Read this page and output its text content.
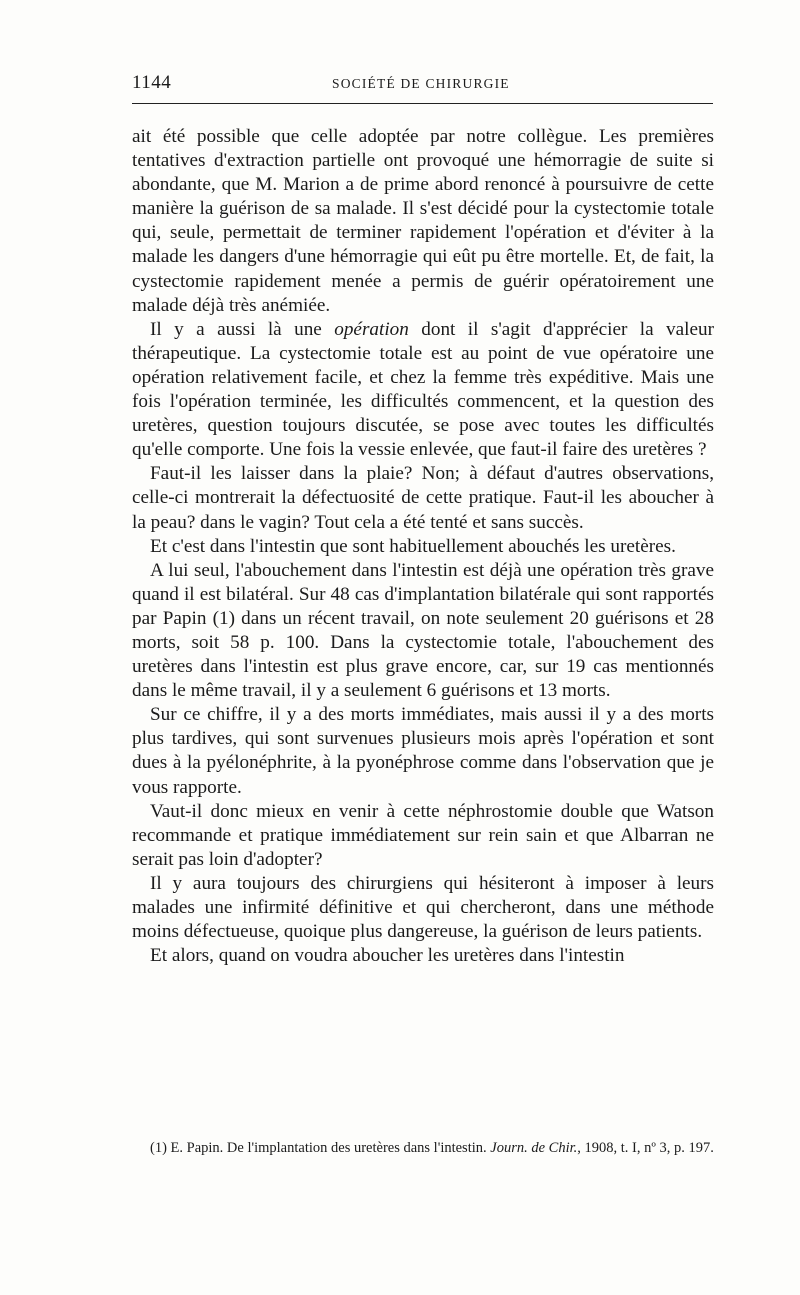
1144	SOCIÉTÉ DE CHIRURGIE

ait été possible que celle adoptée par notre collègue. Les premières tentatives d'extraction partielle ont provoqué une hémorragie de suite si abondante, que M. Marion a de prime abord renoncé à poursuivre de cette manière la guérison de sa malade. Il s'est décidé pour la cystectomie totale qui, seule, permettait de terminer rapidement l'opération et d'éviter à la malade les dangers d'une hémorragie qui eût pu être mortelle. Et, de fait, la cystectomie rapidement menée a permis de guérir opératoirement une malade déjà très anémiée.

Il y a aussi là une opération dont il s'agit d'apprécier la valeur thérapeutique. La cystectomie totale est au point de vue opératoire une opération relativement facile, et chez la femme très expéditive. Mais une fois l'opération terminée, les difficultés commencent, et la question des uretères, question toujours discutée, se pose avec toutes les difficultés qu'elle comporte. Une fois la vessie enlevée, que faut-il faire des uretères ?

Faut-il les laisser dans la plaie? Non; à défaut d'autres observations, celle-ci montrerait la défectuosité de cette pratique. Faut-il les aboucher à la peau? dans le vagin? Tout cela a été tenté et sans succès.

Et c'est dans l'intestin que sont habituellement abouchés les uretères.

A lui seul, l'abouchement dans l'intestin est déjà une opération très grave quand il est bilatéral. Sur 48 cas d'implantation bilatérale qui sont rapportés par Papin (1) dans un récent travail, on note seulement 20 guérisons et 28 morts, soit 58 p. 100. Dans la cystectomie totale, l'abouchement des uretères dans l'intestin est plus grave encore, car, sur 19 cas mentionnés dans le même travail, il y a seulement 6 guérisons et 13 morts.

Sur ce chiffre, il y a des morts immédiates, mais aussi il y a des morts plus tardives, qui sont survenues plusieurs mois après l'opération et sont dues à la pyélonéphrite, à la pyonéphrose comme dans l'observation que je vous rapporte.

Vaut-il donc mieux en venir à cette néphrostomie double que Watson recommande et pratique immédiatement sur rein sain et que Albarran ne serait pas loin d'adopter?

Il y aura toujours des chirurgiens qui hésiteront à imposer à leurs malades une infirmité définitive et qui chercheront, dans une méthode moins défectueuse, quoique plus dangereuse, la guérison de leurs patients.

Et alors, quand on voudra aboucher les uretères dans l'intestin

(1) E. Papin. De l'implantation des uretères dans l'intestin. Journ. de Chir., 1908, t. I, nº 3, p. 197.
